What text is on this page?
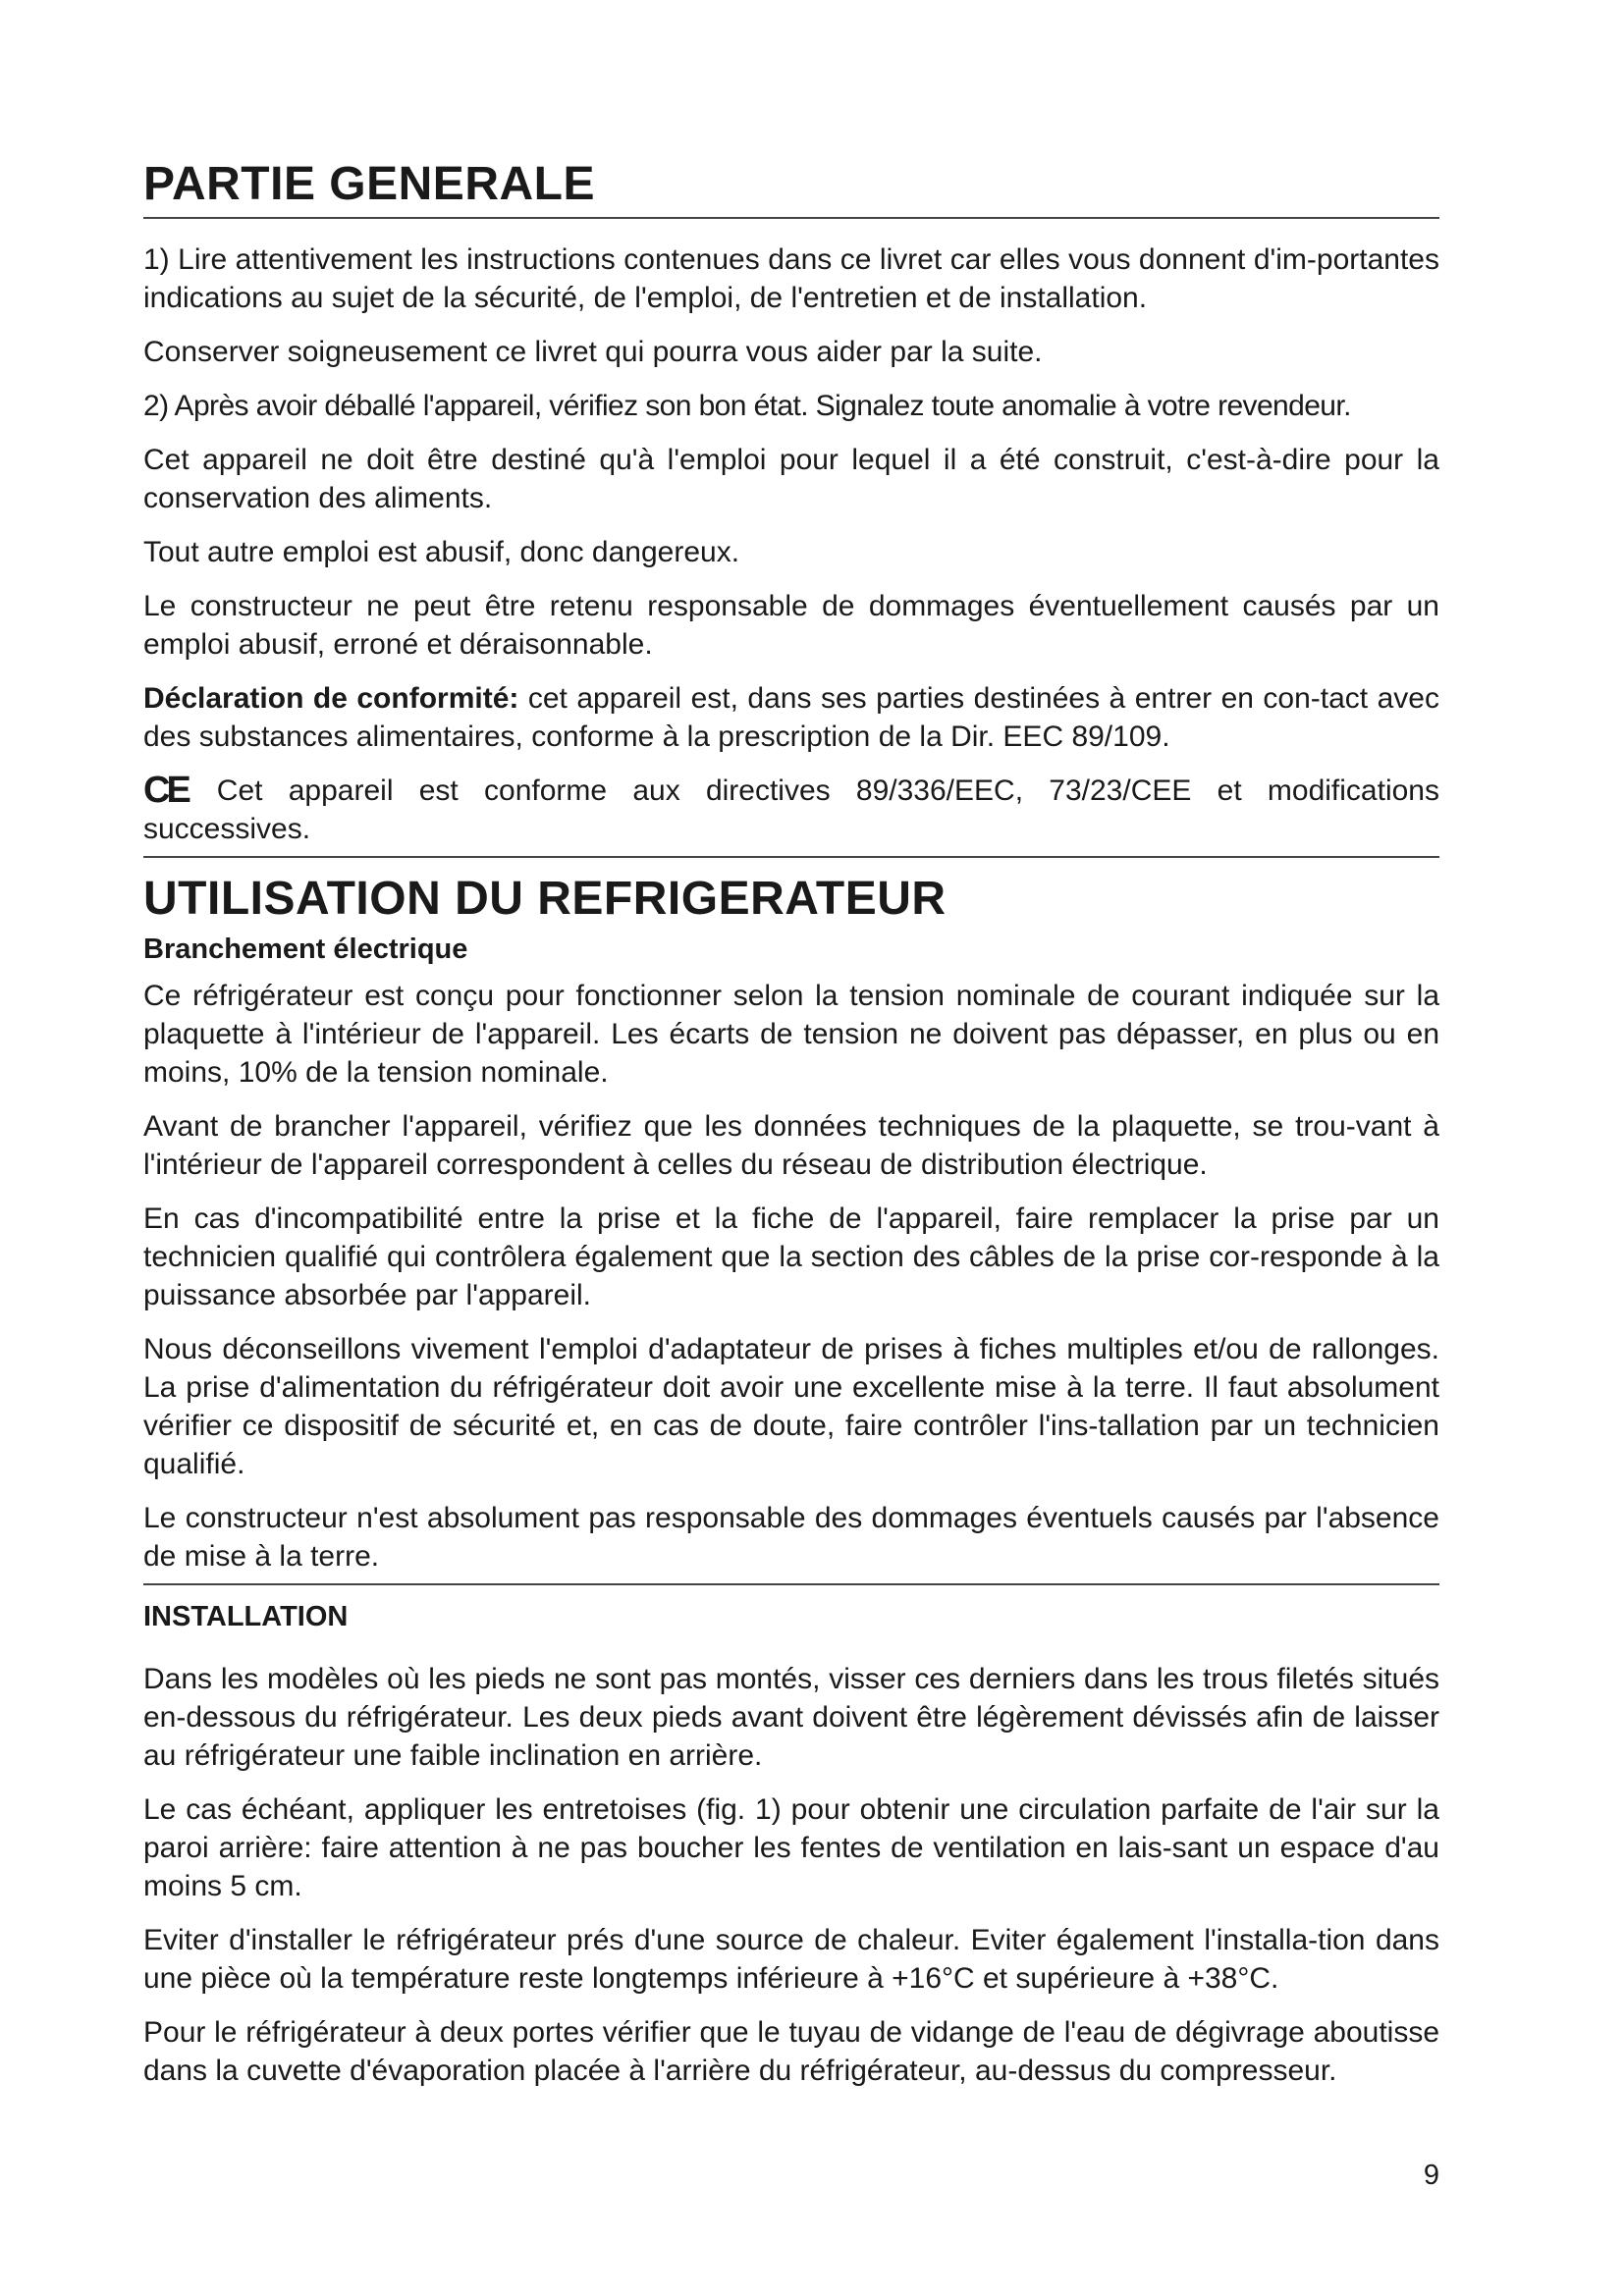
PARTIE GENERALE

1) Lire attentivement les instructions contenues dans ce livret car elles vous donnent d'im-portantes indications au sujet de la sécurité, de l'emploi, de l'entretien et de installation.

Conserver soigneusement ce livret qui pourra vous aider par la suite.

2) Après avoir déballé l'appareil, vérifiez son bon état. Signalez toute anomalie à votre revendeur.

Cet appareil ne doit être destiné qu'à l'emploi pour lequel il a été construit, c'est-à-dire pour la conservation des aliments.

Tout autre emploi est abusif, donc dangereux.

Le constructeur ne peut être retenu responsable de dommages éventuellement causés par un emploi abusif, erroné et déraisonnable.

Déclaration de conformité: cet appareil est, dans ses parties destinées à entrer en con-tact avec des substances alimentaires, conforme à la prescription de la Dir. EEC 89/109.

CE Cet appareil est conforme aux directives 89/336/EEC, 73/23/CEE et modifications successives.

UTILISATION DU REFRIGERATEUR
Branchement électrique

Ce réfrigérateur est conçu pour fonctionner selon la tension nominale de courant indiquée sur la plaquette à l'intérieur de l'appareil. Les écarts de tension ne doivent pas dépasser, en plus ou en moins, 10% de la tension nominale.

Avant de brancher l'appareil, vérifiez que les données techniques de la plaquette, se trou-vant à l'intérieur de l'appareil correspondent à celles du réseau de distribution électrique.

En cas d'incompatibilité entre la prise et la fiche de l'appareil, faire remplacer la prise par un technicien qualifié qui contrôlera également que la section des câbles de la prise cor-responde à la puissance absorbée par l'appareil.

Nous déconseillons vivement l'emploi d'adaptateur de prises à fiches multiples et/ou de rallonges. La prise d'alimentation du réfrigérateur doit avoir une excellente mise à la terre. Il faut absolument vérifier ce dispositif de sécurité et, en cas de doute, faire contrôler l'ins-tallation par un technicien qualifié.

Le constructeur n'est absolument pas responsable des dommages éventuels causés par l'absence de mise à la terre.

INSTALLATION

Dans les modèles où les pieds ne sont pas montés, visser ces derniers dans les trous filetés situés en-dessous du réfrigérateur. Les deux pieds avant doivent être légèrement dévissés afin de laisser au réfrigérateur une faible inclination en arrière.

Le cas échéant, appliquer les entretoises (fig. 1) pour obtenir une circulation parfaite de l'air sur la paroi arrière: faire attention à ne pas boucher les fentes de ventilation en lais-sant un espace d'au moins 5 cm.

Eviter d'installer le réfrigérateur prés d'une source de chaleur. Eviter également l'installa-tion dans une pièce où la température reste longtemps inférieure à +16°C et supérieure à +38°C.

Pour le réfrigérateur à deux portes vérifier que le tuyau de vidange de l'eau de dégivrage aboutisse dans la cuvette d'évaporation placée à l'arrière du réfrigérateur, au-dessus du compresseur.

9
